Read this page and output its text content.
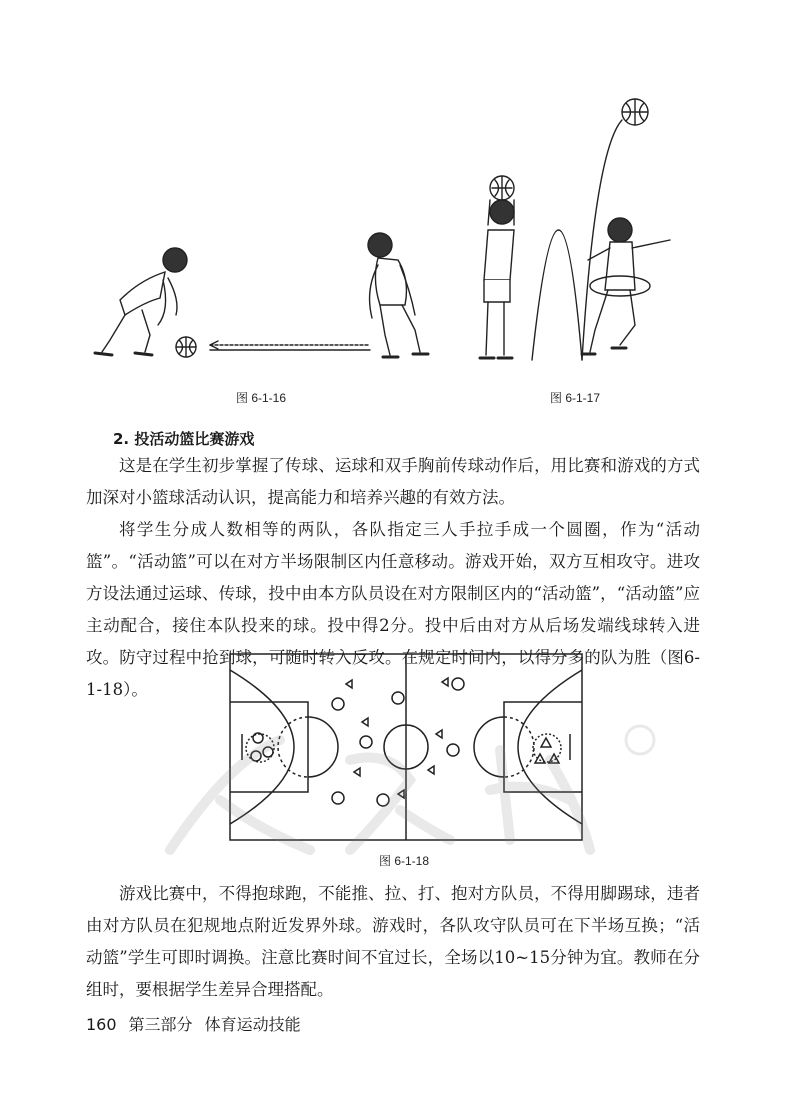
图 6-1-16	图 6-1-17
2. 投活动篮比赛游戏

这是在学生初步掌握了传球、运球和双手胸前传球动作后，用比赛和游戏的方式加深对小篮球活动认识，提高能力和培养兴趣的有效方法。

将学生分成人数相等的两队，各队指定三人手拉手成一个圆圈，作为“活动篮”。“活动篮”可以在对方半场限制区内任意移动。游戏开始，双方互相攻守。进攻方设法通过运球、传球，投中由本方队员设在对方限制区内的“活动篮”，“活动篮”应主动配合，接住本队投来的球。投中得2分。投中后由对方从后场发端线球转入进攻。防守过程中抢到球，可随时转入反攻。在规定时间内，以得分多的队为胜（图6-1-18）。

图 6-1-18

游戏比赛中，不得抱球跑，不能推、拉、打、抱对方队员，不得用脚踢球，违者由对方队员在犯规地点附近发界外球。游戏时，各队攻守队员可在下半场互换；“活动篮”学生可即时调换。注意比赛时间不宜过长，全场以10~15分钟为宜。教师在分组时，要根据学生差异合理搭配。

160 第三部分 体育运动技能
